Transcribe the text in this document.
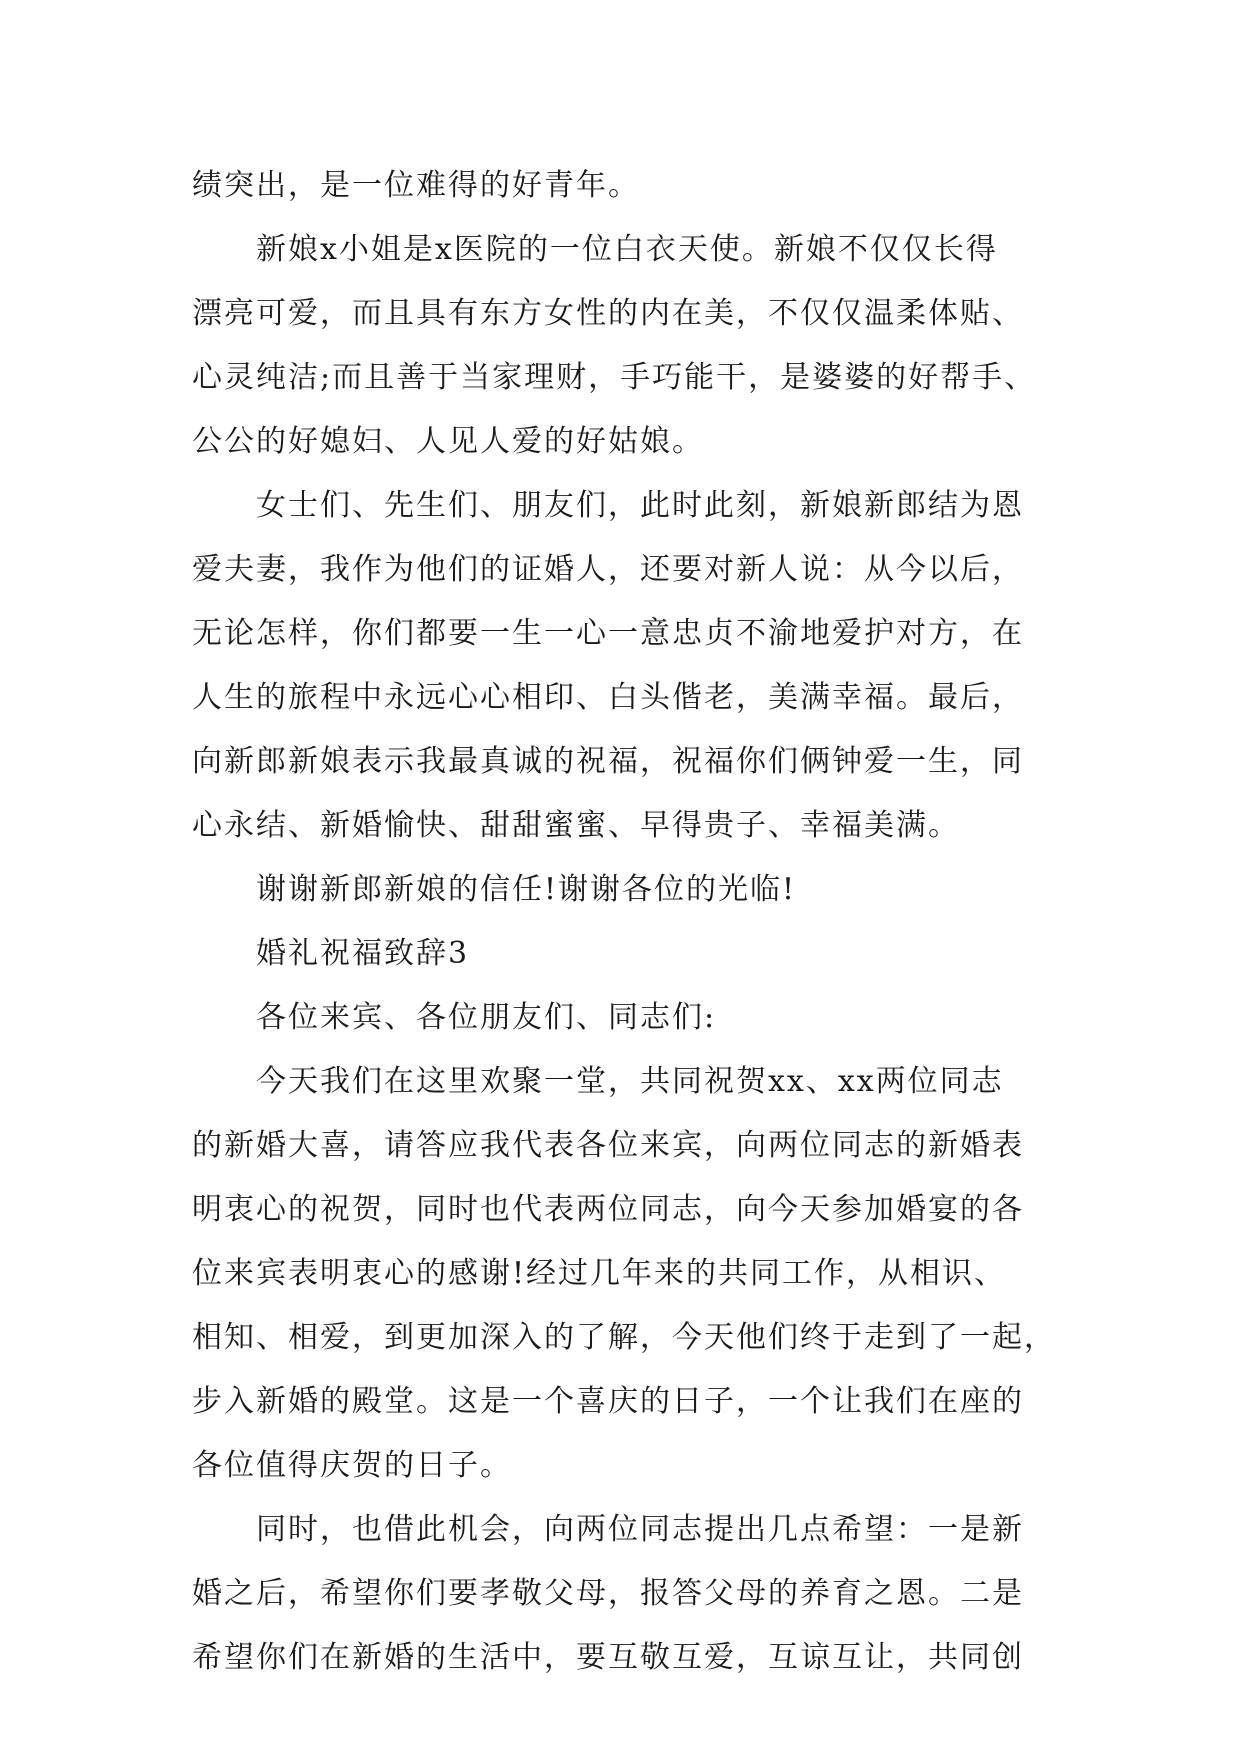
绩突出，是一位难得的好青年。
新娘x小姐是x医院的一位白衣天使。新娘不仅仅长得
漂亮可爱，而且具有东方女性的内在美，不仅仅温柔体贴、
心灵纯洁;而且善于当家理财，手巧能干，是婆婆的好帮手、
公公的好媳妇、人见人爱的好姑娘。
女士们、先生们、朋友们，此时此刻，新娘新郎结为恩
爱夫妻，我作为他们的证婚人，还要对新人说：从今以后，
无论怎样，你们都要一生一心一意忠贞不渝地爱护对方，在
人生的旅程中永远心心相印、白头偕老，美满幸福。最后，
向新郎新娘表示我最真诚的祝福，祝福你们俩钟爱一生，同
心永结、新婚愉快、甜甜蜜蜜、早得贵子、幸福美满。
谢谢新郎新娘的信任!谢谢各位的光临!
婚礼祝福致辞3
各位来宾、各位朋友们、同志们:
今天我们在这里欢聚一堂，共同祝贺xx、xx两位同志
的新婚大喜，请答应我代表各位来宾，向两位同志的新婚表
明衷心的祝贺，同时也代表两位同志，向今天参加婚宴的各
位来宾表明衷心的感谢!经过几年来的共同工作，从相识、
相知、相爱，到更加深入的了解，今天他们终于走到了一起，
步入新婚的殿堂。这是一个喜庆的日子，一个让我们在座的
各位值得庆贺的日子。
同时，也借此机会，向两位同志提出几点希望：一是新
婚之后，希望你们要孝敬父母，报答父母的养育之恩。二是
希望你们在新婚的生活中，要互敬互爱，互谅互让，共同创
